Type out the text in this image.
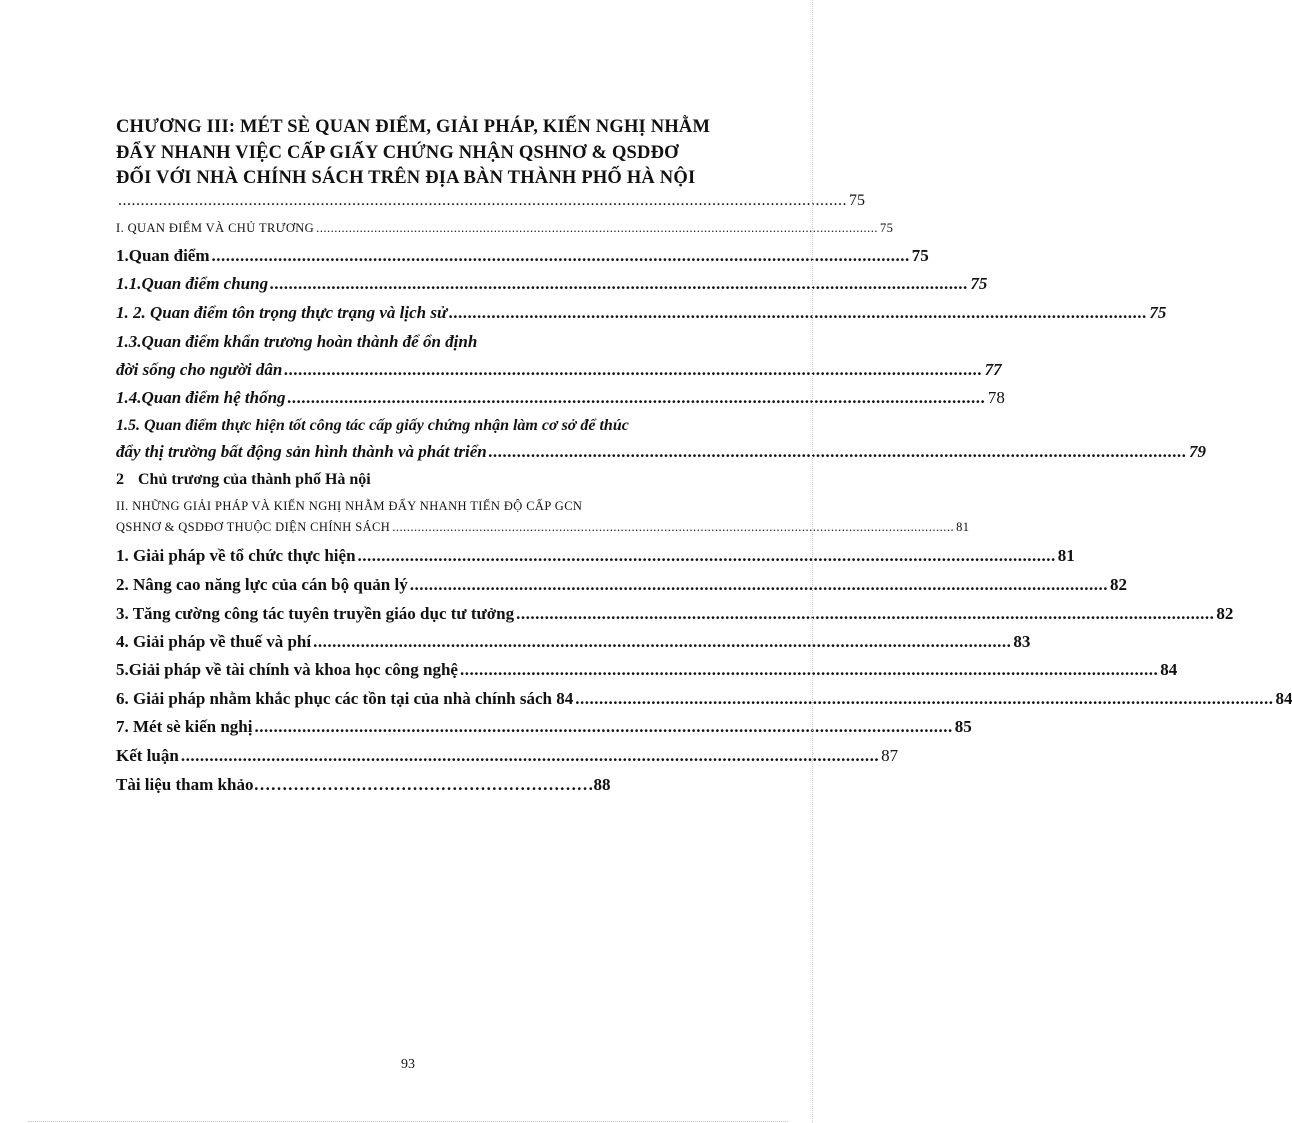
CHƯƠNG III: MÉT SÈ QUAN ĐIỂM, GIẢI PHÁP, KIẾN NGHỊ NHẰM
ĐẨY NHANH VIỆC CẤP GIẤY CHỨNG NHẬN QSHNƠ & QSDĐƠ
ĐỐI VỚI NHÀ CHÍNH SÁCH TRÊN ĐỊA BÀN THÀNH PHỐ HÀ NỘI
.................................................................................................................................................................. 75
I. QUAN ĐIỂM VÀ CHỦ TRƯƠNG ........................................................................................................................................................... 75
1.Quan điểm ................................................................................................................................................... 75
1.1.Quan điểm chung ................................................................................................................................................... 75
1. 2. Quan điểm tôn trọng thực trạng và lịch sử ................................................................................................................................................... 75
1.3.Quan điểm khẩn trương hoàn thành để ổn định
đời sống cho người dân ................................................................................................................................................... 77
1.4.Quan điểm hệ thống ................................................................................................................................................... 78
1.5. Quan điểm thực hiện tốt công tác cấp giấy chứng nhận làm cơ sở để thúc
đẩy thị trường bất động sản hình thành và phát triển ................................................................................................................................................... 79
2 Chủ trương của thành phố Hà nội
II. NHỮNG GIẢI PHÁP VÀ KIẾN NGHỊ NHẰM ĐẨY NHANH TIẾN ĐỘ CẤP GCN
QSHNƠ & QSDĐƠ THUỘC DIỆN CHÍNH SÁCH ........................................................................................................................................................... 81
1. Giải pháp về tổ chức thực hiện ................................................................................................................................................... 81
2. Nâng cao năng lực của cán bộ quản lý ................................................................................................................................................... 82
3. Tăng cường công tác tuyên truyền giáo dục tư tưởng ................................................................................................................................................... 82
4. Giải pháp về thuế và phí ................................................................................................................................................... 83
5.Giải pháp về tài chính và khoa học công nghệ ................................................................................................................................................... 84
6. Giải pháp nhằm khắc phục các tồn tại của nhà chính sách 84 ................................................................................................................................................... 84
7. Mét sè kiến nghị ................................................................................................................................................... 85
Kết luận ................................................................................................................................................... 87
Tài liệu tham khảo……………………………………………………88
93
